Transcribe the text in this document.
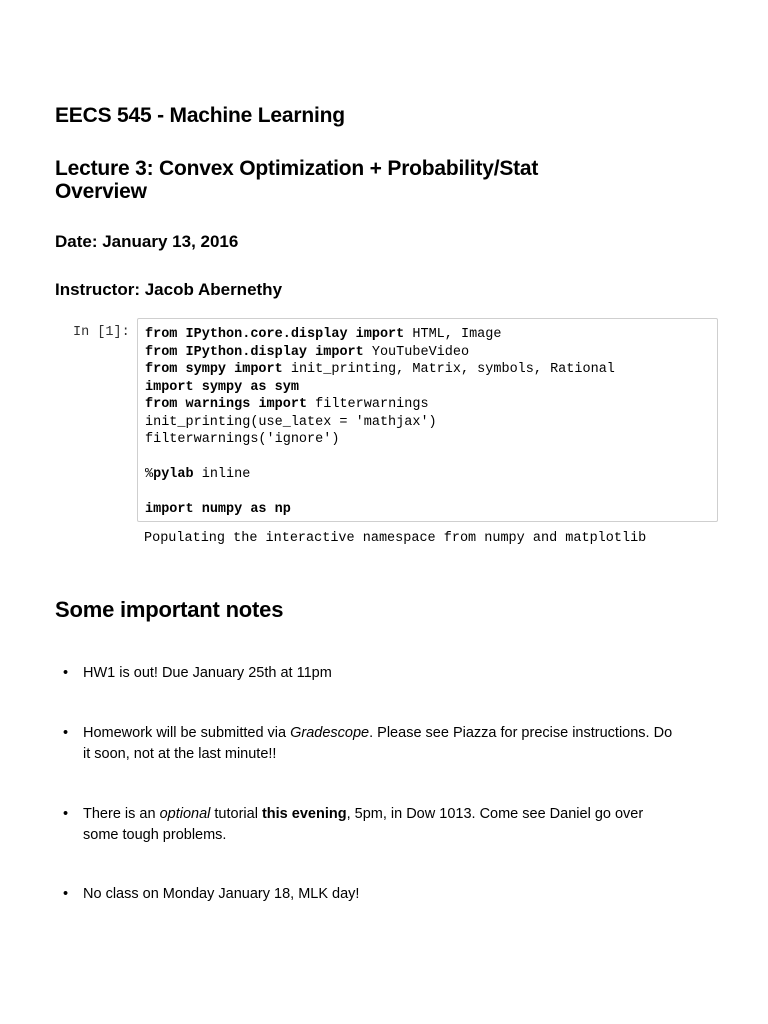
EECS 545 - Machine Learning
Lecture 3: Convex Optimization + Probability/Stat Overview
Date: January 13, 2016
Instructor: Jacob Abernethy
In [1]: from IPython.core.display import HTML, Image
from IPython.display import YouTubeVideo
from sympy import init_printing, Matrix, symbols, Rational
import sympy as sym
from warnings import filterwarnings
init_printing(use_latex = 'mathjax')
filterwarnings('ignore')
%pylab inline
import numpy as np
Populating the interactive namespace from numpy and matplotlib
Some important notes
• HW1 is out! Due January 25th at 11pm
• Homework will be submitted via Gradescope. Please see Piazza for precise instructions. Do it soon, not at the last minute!!
• There is an optional tutorial this evening, 5pm, in Dow 1013. Come see Daniel go over some tough problems.
• No class on Monday January 18, MLK day!
